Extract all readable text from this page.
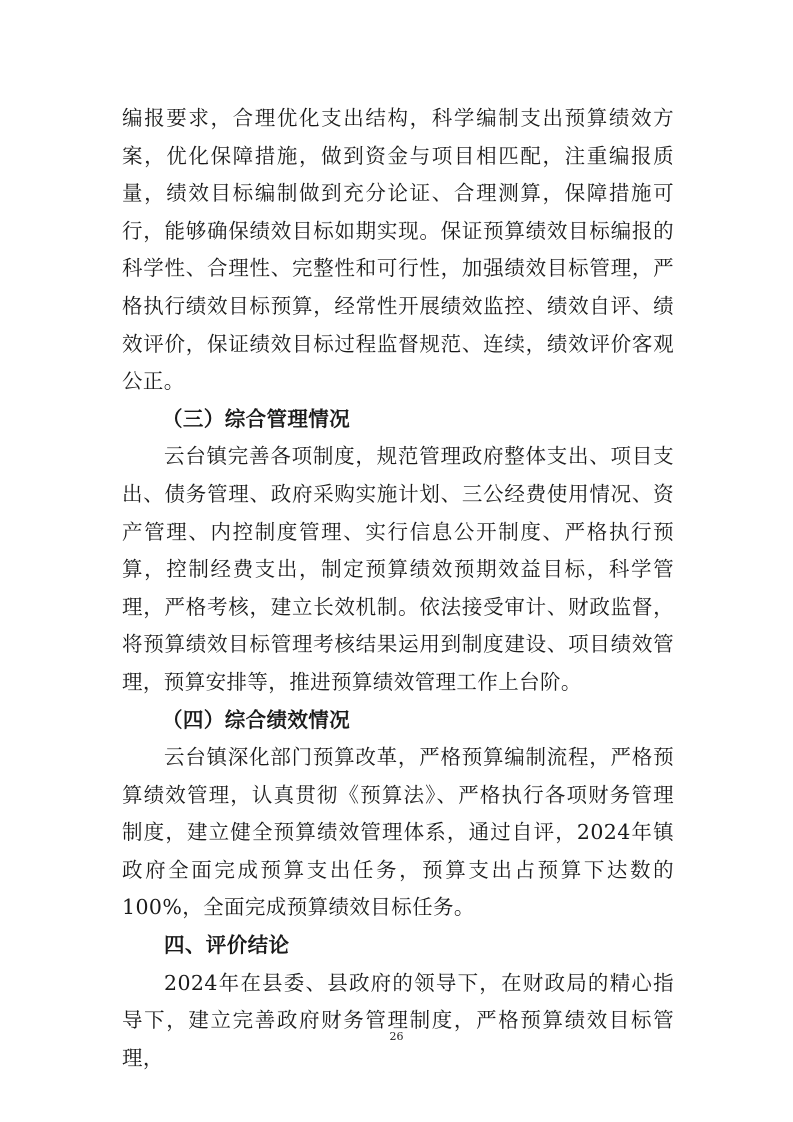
编报要求，合理优化支出结构，科学编制支出预算绩效方案，优化保障措施，做到资金与项目相匹配，注重编报质量，绩效目标编制做到充分论证、合理测算，保障措施可行，能够确保绩效目标如期实现。保证预算绩效目标编报的科学性、合理性、完整性和可行性，加强绩效目标管理，严格执行绩效目标预算，经常性开展绩效监控、绩效自评、绩效评价，保证绩效目标过程监督规范、连续，绩效评价客观公正。

（三）综合管理情况

云台镇完善各项制度，规范管理政府整体支出、项目支出、债务管理、政府采购实施计划、三公经费使用情况、资产管理、内控制度管理、实行信息公开制度、严格执行预算，控制经费支出，制定预算绩效预期效益目标，科学管理，严格考核，建立长效机制。依法接受审计、财政监督，将预算绩效目标管理考核结果运用到制度建设、项目绩效管理，预算安排等，推进预算绩效管理工作上台阶。

（四）综合绩效情况

云台镇深化部门预算改革，严格预算编制流程，严格预算绩效管理，认真贯彻《预算法》、严格执行各项财务管理制度，建立健全预算绩效管理体系，通过自评，2024年镇政府全面完成预算支出任务，预算支出占预算下达数的100%，全面完成预算绩效目标任务。

四、评价结论

2024年在县委、县政府的领导下，在财政局的精心指导下，建立完善政府财务管理制度，严格预算绩效目标管理，

26
